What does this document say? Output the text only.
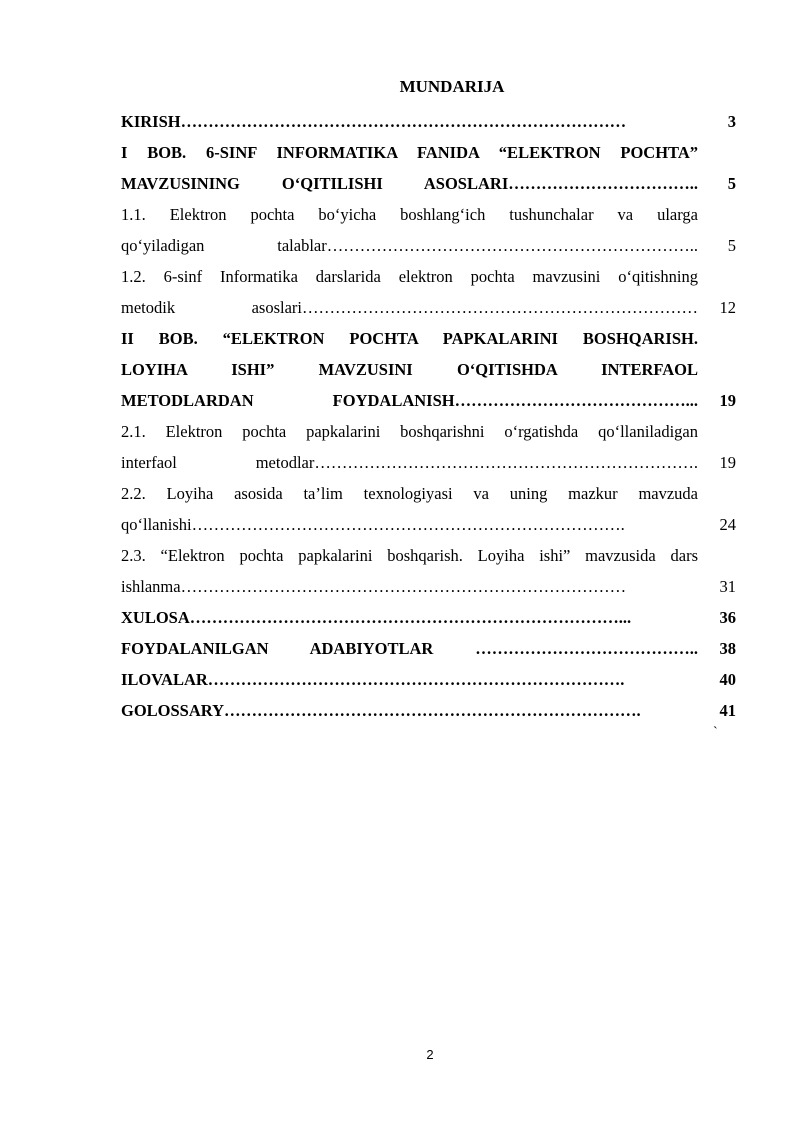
MUNDARIJA
KIRISH………………………………………………………………………	3
I BOB. 6-SINF INFORMATIKA FANIDA “ELEKTRON POCHTA”
MAVZUSINING O‘QITILISHI ASOSLARI……………………………..	5
1.1. Elektron pochta bo‘yicha boshlang‘ich tushunchalar va ularga
qo‘yiladigan talablar…………………………………………………………..	5
1.2. 6-sinf Informatika darslarida elektron pochta mavzusini o‘qitishning
metodik asoslari………………………………………………………………	12
II BOB. “ELEKTRON POCHTA PAPKALARINI BOSHQARISH.
LOYIHA ISHI” MAVZUSINI O‘QITISHDA INTERFAOL
METODLARDAN FOYDALANISH……………………………………...	19
2.1. Elektron pochta papkalarini boshqarishni o‘rgatishda qo‘llaniladigan
interfaol metodlar…………………………………………………………….	19
2.2. Loyiha asosida ta’lim texnologiyasi va uning mazkur mavzuda
qo‘llanishi…………………………………………………………………….	24
2.3. “Elektron pochta papkalarini boshqarish. Loyiha ishi” mavzusida dars
ishlanma………………………………………………………………………	31
XULOSA……………………………………………………………………...	36
FOYDALANILGAN ADABIYOTLAR …………………………………..	38
ILOVALAR………………………………………………………………….	40
GOLOSSARY………………………………………………………………….	41
`
2
